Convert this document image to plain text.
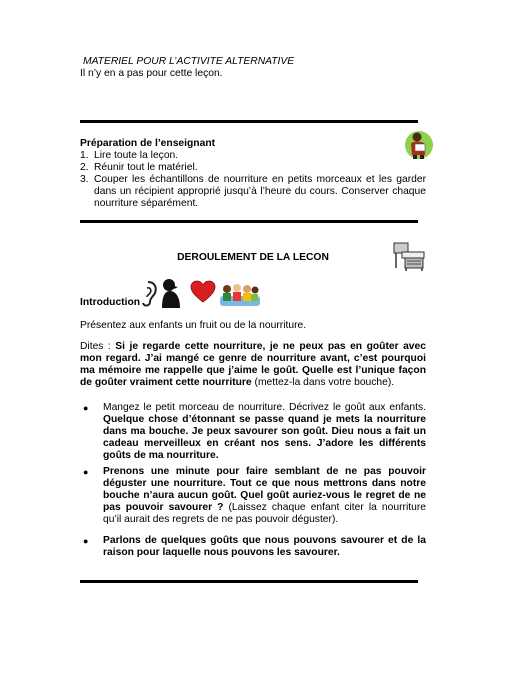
MATERIEL POUR L’ACTIVITE ALTERNATIVE
Il n’y en a pas pour cette leçon.
Préparation de l’enseignant
1. Lire toute la leçon.
2. Réunir tout le matériel.
3. Couper les échantillons de nourriture en petits morceaux et les garder dans un récipient approprié jusqu’à l’heure du cours. Conserver chaque nourriture séparément.
DEROULEMENT DE LA LECON
Introduction
Présentez aux enfants un fruit ou de la nourriture.
Dites : Si je regarde cette nourriture, je ne peux pas en goûter avec mon regard. J’ai mangé ce genre de nourriture avant, c’est pourquoi ma mémoire me rappelle que j’aime le goût. Quelle est l’unique façon de goûter vraiment cette nourriture (mettez-la dans votre bouche).
● Mangez le petit morceau de nourriture. Décrivez le goût aux enfants. Quelque chose d’étonnant se passe quand je mets la nourriture dans ma bouche. Je peux savourer son goût. Dieu nous a fait un cadeau merveilleux en créant nos sens. J’adore les différents goûts de ma nourriture.
● Prenons une minute pour faire semblant de ne pas pouvoir déguster une nourriture. Tout ce que nous mettrons dans notre bouche n’aura aucun goût. Quel goût auriez-vous le regret de ne pas pouvoir savourer ? (Laissez chaque enfant citer la nourriture qu’il aurait des regrets de ne pas pouvoir déguster).
● Parlons de quelques goûts que nous pouvons savourer et de la raison pour laquelle nous pouvons les savourer.
